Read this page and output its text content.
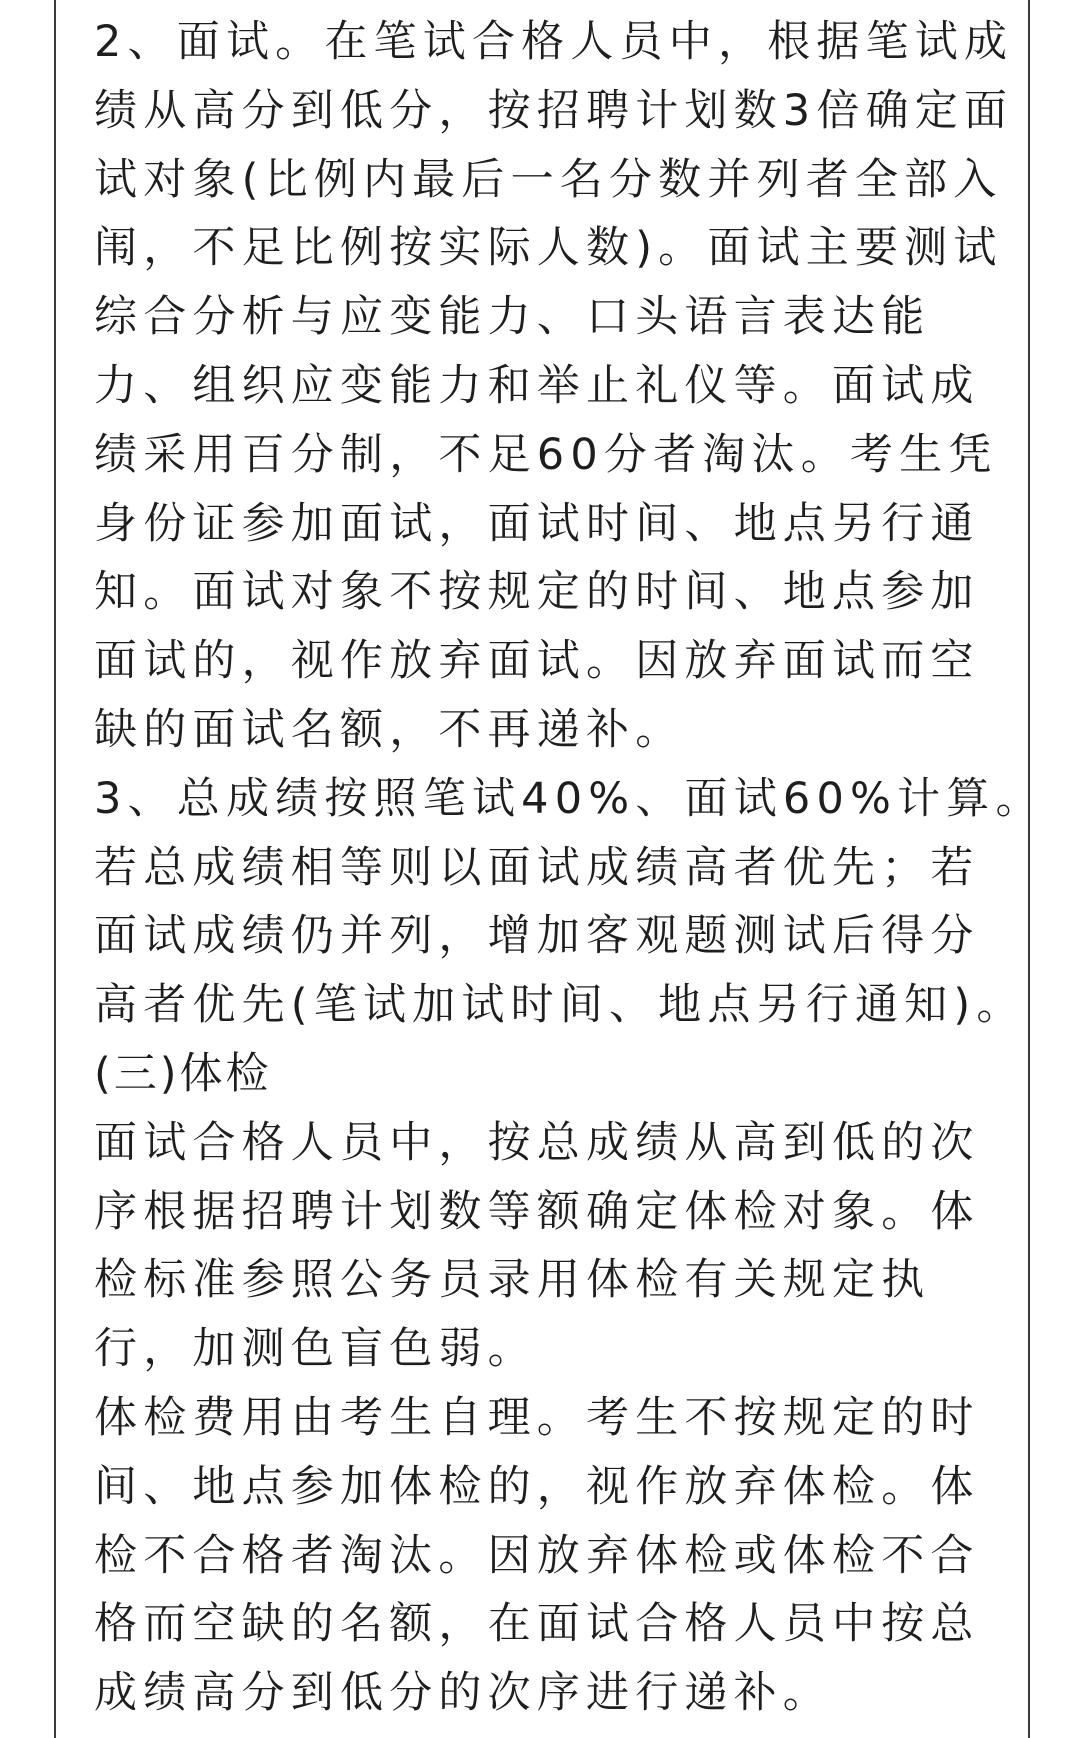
2、面试。在笔试合格人员中，根据笔试成
绩从高分到低分，按招聘计划数3倍确定面
试对象(比例内最后一名分数并列者全部入
闱，不足比例按实际人数)。面试主要测试
综合分析与应变能力、口头语言表达能
力、组织应变能力和举止礼仪等。面试成
绩采用百分制，不足60分者淘汰。考生凭
身份证参加面试，面试时间、地点另行通
知。面试对象不按规定的时间、地点参加
面试的，视作放弃面试。因放弃面试而空
缺的面试名额，不再递补。
3、总成绩按照笔试40%、面试60%计算。
若总成绩相等则以面试成绩高者优先；若
面试成绩仍并列，增加客观题测试后得分
高者优先(笔试加试时间、地点另行通知)。
(三)体检
面试合格人员中，按总成绩从高到低的次
序根据招聘计划数等额确定体检对象。体
检标准参照公务员录用体检有关规定执
行，加测色盲色弱。
体检费用由考生自理。考生不按规定的时
间、地点参加体检的，视作放弃体检。体
检不合格者淘汰。因放弃体检或体检不合
格而空缺的名额，在面试合格人员中按总
成绩高分到低分的次序进行递补。
